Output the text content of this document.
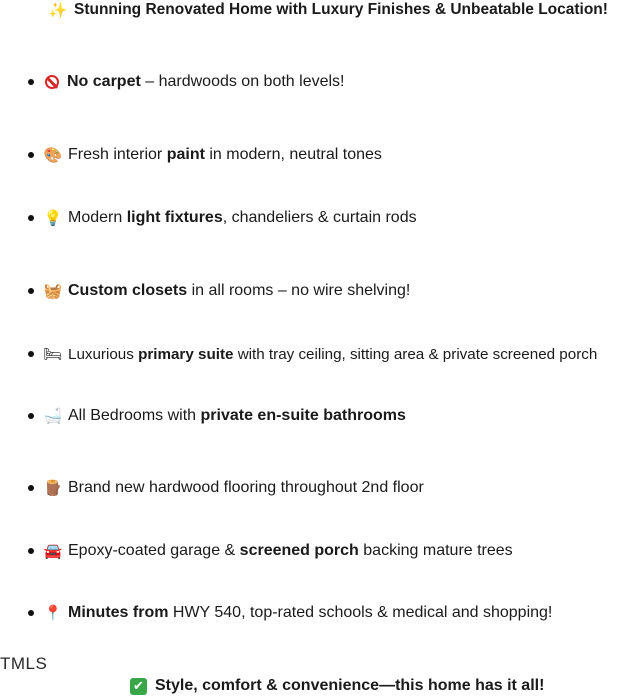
✨ Stunning Renovated Home with Luxury Finishes & Unbeatable Location!
No carpet – hardwoods on both levels!
🎨 Fresh interior paint in modern, neutral tones
💡 Modern light fixtures , chandeliers & curtain rods
🧺 Custom closets in all rooms – no wire shelving!
🛏 Luxurious primary suite with tray ceiling, sitting area & private screened porch
🛁 All Bedrooms with private en-suite bathrooms
🪵 Brand new hardwood flooring throughout 2nd floor
🚘 Epoxy-coated garage & screened porch backing mature trees
📍 Minutes from HWY 540, top-rated schools & medical and shopping!
TMLS
✔ Style, comfort & convenience—this home has it all!
